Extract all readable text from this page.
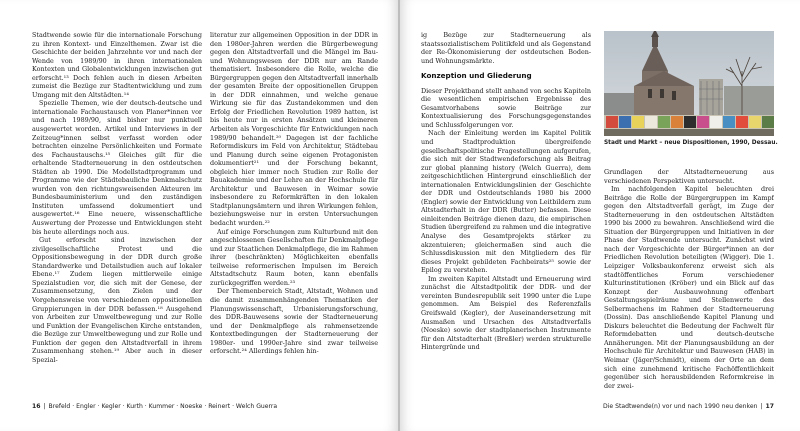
Stadtwende sowie für die internationale Forschung zu ihren Kontext- und Einzelthemen. Zwar ist die Geschichte der beiden Jahrzehnte vor und nach der Wende von 1989/90 in ihren internationalen Kontexten und Globalentwicklungen inzwischen gut erforscht.¹³ Doch fehlen auch in diesen Arbeiten zumeist die Bezüge zur Stadtentwicklung und zum Umgang mit den Altstädten.¹⁴

Spezielle Themen, wie der deutsch-deutsche und internationale Fachaustausch von Planer*innen vor und nach 1989/90, sind bisher nur punktuell ausgewertet worden. Artikel und Interviews in der Zeitzeug*innen selbst verfasst worden oder betrachten einzelne Persönlichkeiten und Formate des Fachaustauschs.¹⁵ Gleiches gilt für die erhaltende Stadterneuerung in den ostdeutschen Städten ab 1990. Die Modellstadtprogramm und Programme wie der Städtebauliche Denkmalschutz wurden von den richtungsweisenden Akteuren im Bundesbauministerium und den zuständigen Instituten umfassend dokumentiert und ausgewertet.¹⁶ Eine neuere, wissenschaftliche Auswertung der Prozesse und Entwicklungen steht bis heute allerdings noch aus.

Gut erforscht sind inzwischen der zivilgesellschaftliche Protest und die Oppositionsbewegung in der DDR durch große Standardwerke und Detailstudien auch auf lokaler Ebene.¹⁷ Zudem liegen mittlerweile einige Spezialstudien vor, die sich mit der Genese, der Zusammensetzung, den Zielen und der Vorgehensweise von verschiedenen oppositionellen Gruppierungen in der DDR befassen.¹⁸ Ausgehend von Arbeiten zur Umweltbewegung und zur Rolle und Funktion der Evangelischen Kirche entstanden, die Bezüge zur Umweltbewegung und zur Rolle und Funktion der gegen den Altstadtverfall in ihrem Zusammenhang stehen.¹⁹ Aber auch in dieser Spezial-

literatur zur allgemeinen Opposition in der DDR in den 1980er-Jahren werden die Bürgerbewegung gegen den Altstadtverfall und die Mängel im Bau- und Wohnungswesen der DDR nur am Rande thematisiert. Insbesondere die Rolle, welche die Bürgergruppen gegen den Altstadtverfall innerhalb der gesamten Breite der oppositionellen Gruppen in der DDR einnahmen, und welche genaue Wirkung sie für das Zustandekommen und den Erfolg der Friedlichen Revolution 1989 hatten, ist bis heute nur in ersten Ansätzen und kleineren Arbeiten als Vorgeschichte für Entwicklungen nach 1989/90 behandelt.²⁰ Dagegen ist der fachliche Reformdiskurs im Feld von Architektur, Städtebau und Planung durch seine eigenen Protagonisten dokumentiert²¹ und der Forschung bekannt, obgleich hier immer noch Studien zur Rolle der Bauakademie und der Lehre an der Hochschule für Architektur und Bauwesen in Weimar sowie insbesondere zu Reformkräften in den lokalen Stadtplanungsämtern und ihren Wirkungen fehlen, beziehungsweise nur in ersten Untersuchungen bedacht wurden.²²

Auf einige Forschungen zum Kulturbund mit den angeschlossenen Gesellschaften für Denkmalpflege und zur Staatlichen Denkmalpflege, die im Rahmen ihrer (beschränkten) Möglichkeiten ebenfalls teilweise reformerischen Impulsen im Bereich Altstadtschutz Raum boten, kann ebenfalls zurückgegriffen werden.²³

Der Themenbereich Stadt, Altstadt, Wohnen und die damit zusammenhängenden Thematiken der Planungswissenschaft, Urbanisierungsforschung, des DDR-Bauwesens sowie der Stadterneuerung und der Denkmalpflege als rahmensetzende Kontextbedingungen der Stadterneuerung der 1980er- und 1990er-Jahre sind zwar teilweise erforscht.²⁴ Allerdings fehlen hin-

16 | Brefeld · Engler · Kegler · Kurth · Kummer · Noeske · Reinert · Welch Guerra

ig Bezüge zur Stadterneuerung als staatssozialistischem Politikfeld und als Gegenstand der Re-Ökonomisierung der ostdeutschen Boden- und Wohnungsmärkte.

Konzeption und Gliederung

Dieser Projektband stellt anhand von sechs Kapiteln die wesentlichen empirischen Ergebnisse des Gesamtvorhabens sowie Beiträge zur Kontextualisierung des Forschungsgegenstandes und Schlussfolgerungen vor.

Nach der Einleitung werden im Kapitel Politik und Stadtproduktion übergreifende gesellschaftspolitische Fragestellungen aufgerufen, die sich mit der Stadtwendeforschung als Beitrag zur global planning history (Welch Guerra), dem zeitgeschichtlichen Hintergrund einschließlich der internationalen Entwicklungslinien der Geschichte der DDR und Ostdeutschlands 1980 bis 2000 (Engler) sowie der Entwicklung von Leitbildern zum Altstadterhalt in der DDR (Butter) befassen. Diese einleitenden Beiträge dienen dazu, die empirischen Studien übergreifend zu rahmen und die integrative Analyse des Gesamtprojekts stärker zu akzentuieren; gleichermaßen sind auch die Schlussdiskussion mit den Mitgliedern des für dieses Projekt gebildeten Fachbeirats²⁵ sowie der Epilog zu verstehen.

Im zweiten Kapitel Altstadt und Erneuerung wird zunächst die Altstadtpolitik der DDR- und der vereinten Bundesrepublik seit 1990 unter die Lupe genommen. Am Beispiel des Referenzfalls Greifswald (Kegler), der Auseinandersetzung mit Ausmaßen und Ursachen des Altstadtverfalls (Noeske) sowie der stadtplanerischen Instrumente für den Altstadterhalt (Breßler) werden strukturelle Hintergründe und

Stadt und Markt – neue Dispositionen, 1990, Dessau.

Grundlagen der Altstadterneuerung aus verschiedenen Perspektiven untersucht.

Im nachfolgenden Kapitel beleuchten drei Beiträge die Rolle der Bürgergruppen im Kampf gegen den Altstadtverfall gerägt, im Zuge der Stadterneuerung in den ostdeutschen Altstädten 1990 bis 2000 zu bewahren. Anschließend wird die Situation der Bürgergruppen und Initiativen in der Phase der Stadtwende untersucht. Zunächst wird nach der Vorgeschichte der Bürger*innen an der Friedlichen Revolution beteiligten (Wigger). Die 1. Leipziger Volksbaukonferenz erweist sich als stadtöffentliches Forum verschiedener Kulturinstitutionen (Kröber) und ein Blick auf das Konzept der Ausbauwohnung offenbart Gestaltungsspielräume und Stellenwerte des Selbermachens im Rahmen der Stadterneuerung (Dossin). Das anschließende Kapitel Planung und Diskurs beleuchtet die Bedeutung der Fachwelt für Reformdebatten und deutsch-deutsche Annäherungen. Mit der Planungsausbildung an der Hochschule für Architektur und Bauwesen (HAB) in Weimar (Jäger/Schmidt), einem der Orte an dem sich eine zunehmend kritische Fachöffentlichkeit gegenüber sich herausbildenden Reformkreise in der zwei-

Die Stadtwende(n) vor und nach 1990 neu denken | 17
